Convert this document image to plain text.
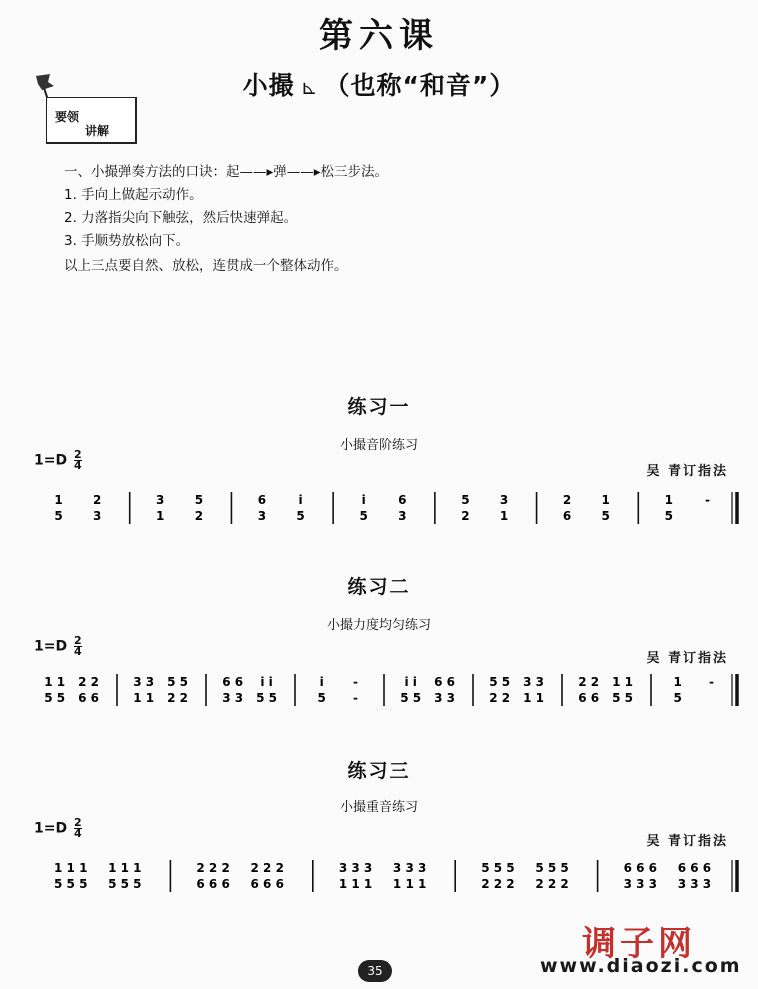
第六课
小撮 ⊾ （也称“和音”）
要领
讲解
一、小撮弹奏方法的口诀：起——▸弹——▸松三步法。
1. 手向上做起示动作。
2. 力落指尖向下触弦，然后快速弹起。
3. 手顺势放松向下。
以上三点要自然、放松，连贯成一个整体动作。
练习一
小撮音阶练习
$1=D \frac{2}{4}$
吴 青订指法
1
5
2
3
3
1
5
2
6
3
i
5
i
5
6
3
5
2
3
1
2
6
1
5
1
5
-
练习二
小撮力度均匀练习
$1=D \frac{2}{4}$
吴 青订指法
1 1
5 5
2 2
6 6
3 3
1 1
5 5
2 2
6 6
3 3
i i
5 5
i
5
-
-
i i
5 5
6 6
3 3
5 5
2 2
3 3
1 1
2 2
6 6
1 1
5 5
1
5
-
练习三
小撮重音练习
$1=D \frac{2}{4}$
吴 青订指法
1 1 1
5 5 5
1 1 1
5 5 5
2 2 2
6 6 6
2 2 2
6 6 6
3 3 3
1 1 1
3 3 3
1 1 1
5 5 5
2 2 2
5 5 5
2 2 2
6 6 6
3 3 3
6 6 6
3 3 3
调子网
www.diaozi.com
35
